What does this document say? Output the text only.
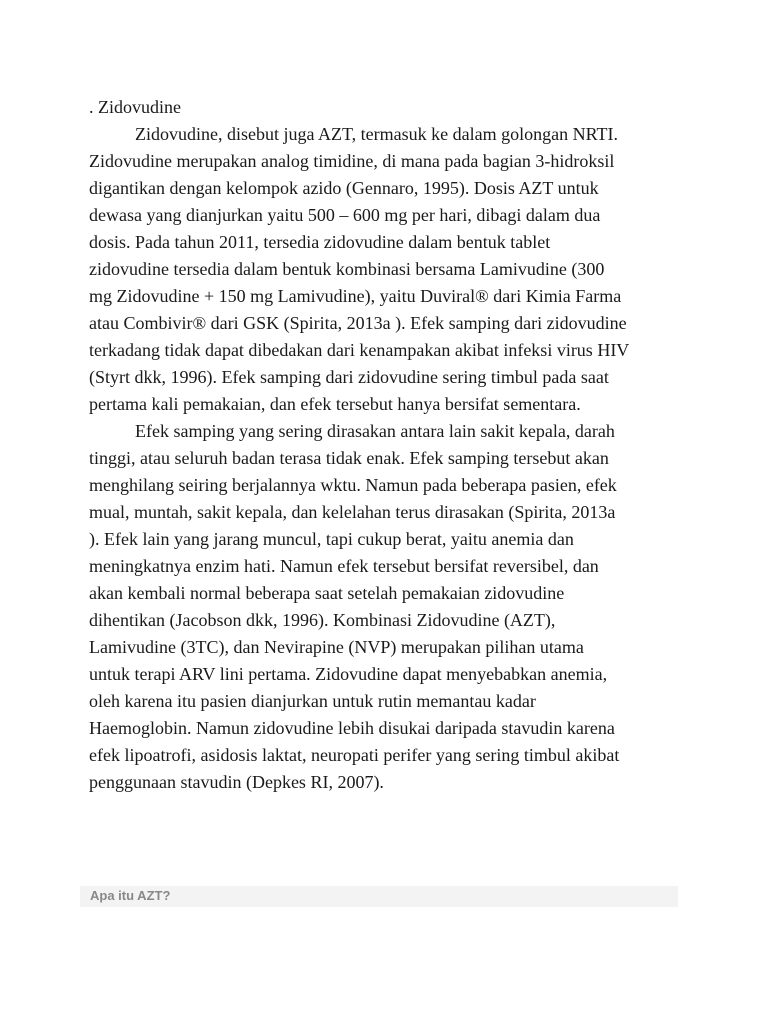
. Zidovudine

Zidovudine, disebut juga AZT, termasuk ke dalam golongan NRTI. Zidovudine merupakan analog timidine, di mana pada bagian 3-hidroksil digantikan dengan kelompok azido (Gennaro, 1995). Dosis AZT untuk dewasa yang dianjurkan yaitu 500 – 600 mg per hari, dibagi dalam dua dosis. Pada tahun 2011, tersedia zidovudine dalam bentuk tablet zidovudine tersedia dalam bentuk kombinasi bersama Lamivudine (300 mg Zidovudine + 150 mg Lamivudine), yaitu Duviral® dari Kimia Farma atau Combivir® dari GSK (Spirita, 2013a ). Efek samping dari zidovudine terkadang tidak dapat dibedakan dari kenampakan akibat infeksi virus HIV (Styrt dkk, 1996). Efek samping dari zidovudine sering timbul pada saat pertama kali pemakaian, dan efek tersebut hanya bersifat sementara.

Efek samping yang sering dirasakan antara lain sakit kepala, darah tinggi, atau seluruh badan terasa tidak enak. Efek samping tersebut akan menghilang seiring berjalannya wktu. Namun pada beberapa pasien, efek mual, muntah, sakit kepala, dan kelelahan terus dirasakan (Spirita, 2013a ). Efek lain yang jarang muncul, tapi cukup berat, yaitu anemia dan meningkatnya enzim hati. Namun efek tersebut bersifat reversibel, dan akan kembali normal beberapa saat setelah pemakaian zidovudine dihentikan (Jacobson dkk, 1996). Kombinasi Zidovudine (AZT), Lamivudine (3TC), dan Nevirapine (NVP) merupakan pilihan utama untuk terapi ARV lini pertama. Zidovudine dapat menyebabkan anemia, oleh karena itu pasien dianjurkan untuk rutin memantau kadar Haemoglobin. Namun zidovudine lebih disukai daripada stavudin karena efek lipoatrofi, asidosis laktat, neuropati perifer yang sering timbul akibat penggunaan stavudin (Depkes RI, 2007).

Apa itu AZT?
